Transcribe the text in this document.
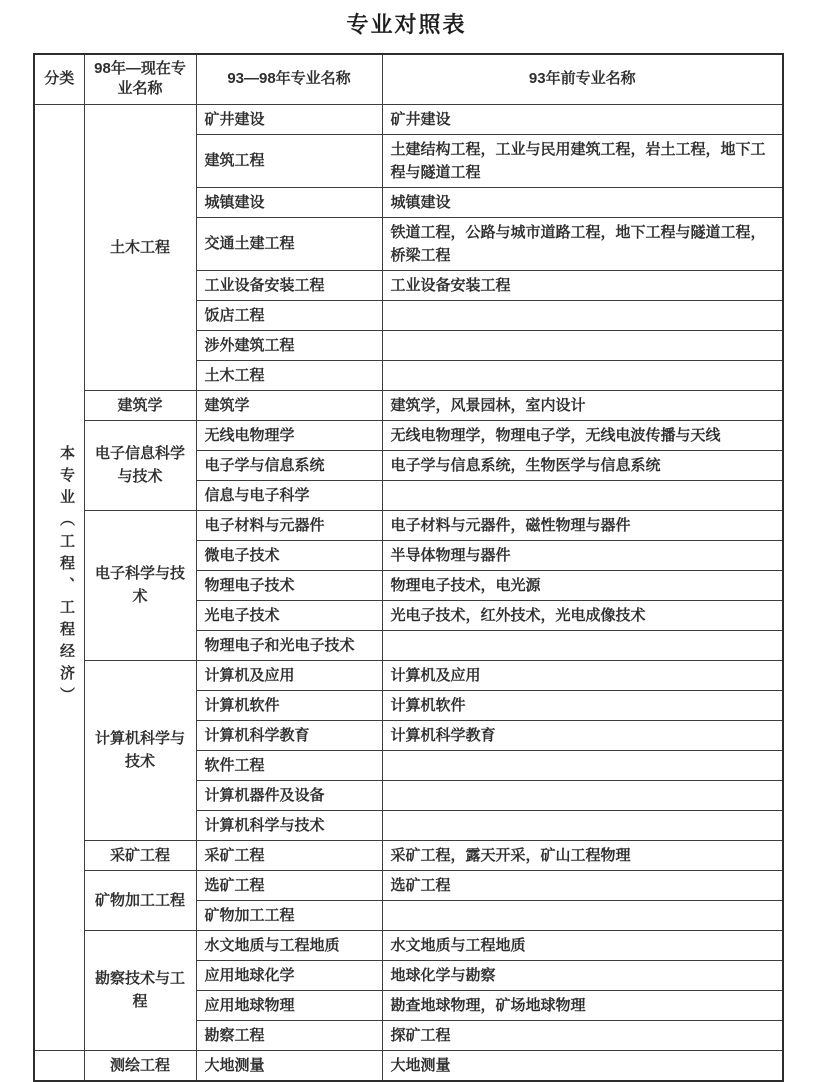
专业对照表
分类	98年—现在专业名称	93—98年专业名称	93年前专业名称

本专业（工程、工程经济）	土木工程	矿井建设	矿井建设
		建筑工程	土建结构工程，工业与民用建筑工程，岩土工程，地下工程与隧道工程
		城镇建设	城镇建设
		交通土建工程	铁道工程，公路与城市道路工程，地下工程与隧道工程，桥梁工程
		工业设备安装工程	工业设备安装工程
		饭店工程	
		涉外建筑工程	
		土木工程	
	建筑学	建筑学	建筑学，风景园林，室内设计
	电子信息科学与技术	无线电物理学	无线电物理学，物理电子学，无线电波传播与天线
		电子学与信息系统	电子学与信息系统，生物医学与信息系统
		信息与电子科学	
	电子科学与技术	电子材料与元器件	电子材料与元器件，磁性物理与器件
		微电子技术	半导体物理与器件
		物理电子技术	物理电子技术，电光源
		光电子技术	光电子技术，红外技术，光电成像技术
		物理电子和光电子技术	
	计算机科学与技术	计算机及应用	计算机及应用
		计算机软件	计算机软件
		计算机科学教育	计算机科学教育
		软件工程	
		计算机器件及设备	
		计算机科学与技术	
	采矿工程	采矿工程	采矿工程，露天开采，矿山工程物理
	矿物加工工程	选矿工程	选矿工程
		矿物加工工程	
	勘察技术与工程	水文地质与工程地质	水文地质与工程地质
		应用地球化学	地球化学与勘察
		应用地球物理	勘查地球物理，矿场地球物理
		勘察工程	探矿工程
	测绘工程	大地测量	大地测量
